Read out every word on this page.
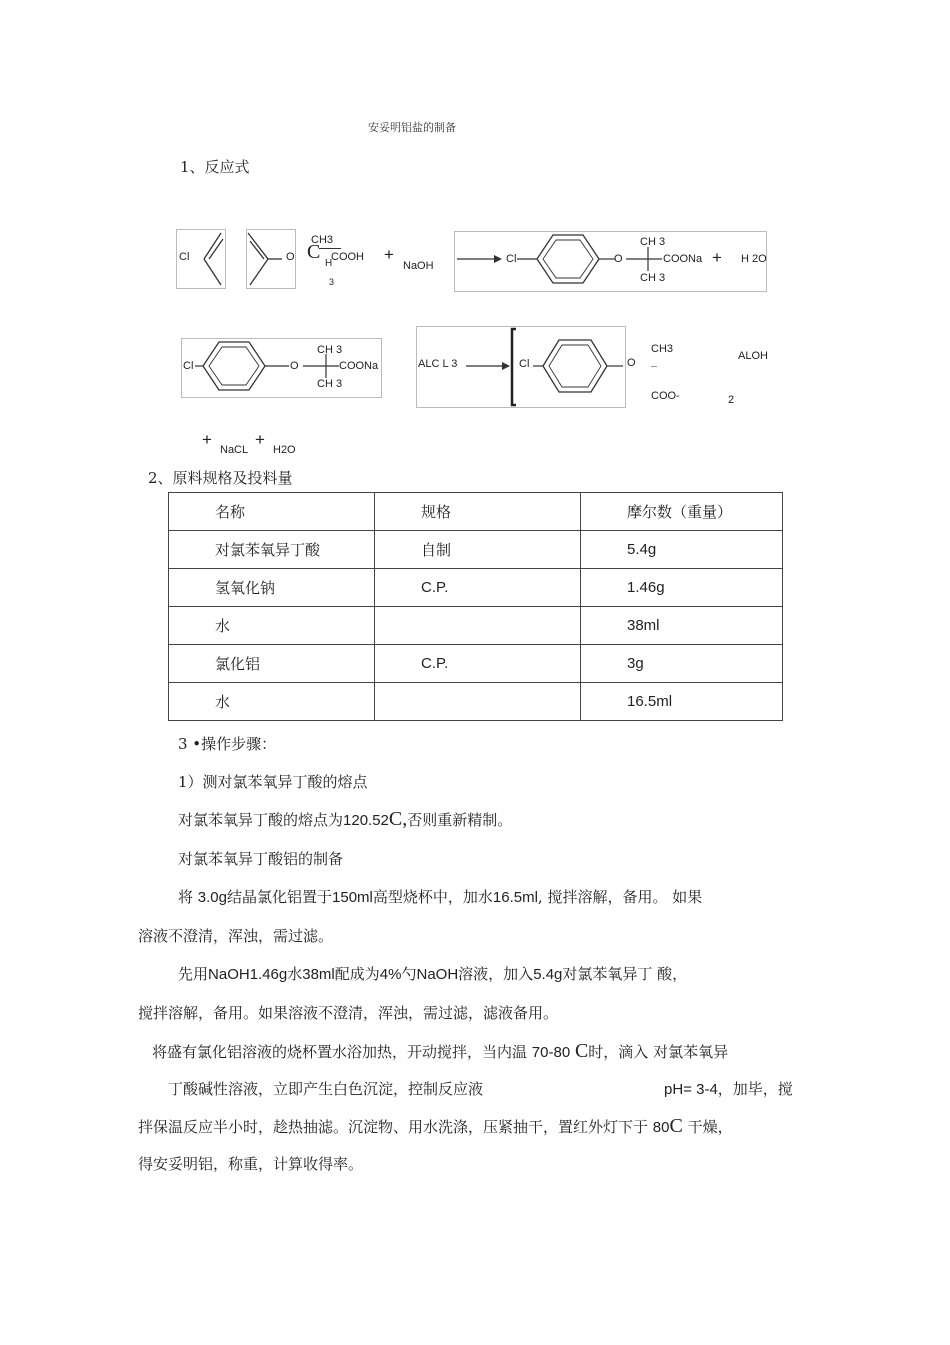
安妥明铝盐的制备
1、反应式
Cl	O
CH3
C
H
COOH
3
+
NaOH
Cl	O
CH 3
COONa
CH 3
+ H 2O
Cl	O
CH 3
COONa
CH 3
ALC L 3	Cl	O
CH3
COO-
ALOH
2
+
NaCL
+
H2O
2、原料规格及投料量
名称	规格	摩尔数（重量）
对氯苯氧异丁酸	自制	5.4g
氢氧化钠	C.P.	1.46g
水		38ml
氯化铝	C.P.	3g
水		16.5ml
3 •操作步骤：
1）测对氯苯氧异丁酸的熔点
对氯苯氧异丁酸的熔点为120.52C,否则重新精制。
对氯苯氧异丁酸铝的制备
将 3.0g结晶氯化铝置于150ml高型烧杯中，加水16.5ml, 搅拌溶解，备用。 如果
溶液不澄清，浑浊，需过滤。
先用NaOH1.46g水38ml配成为4%勺NaOH溶液，加入5.4g对氯苯氧异丁 酸，
搅拌溶解，备用。如果溶液不澄清，浑浊，需过滤，滤液备用。
将盛有氯化铝溶液的烧杯置水浴加热，开动搅拌，当内温 70-80 C时，滴入 对氯苯氧异
丁酸碱性溶液，立即产生白色沉淀，控制反应液	pH= 3-4，加毕，搅
拌保温反应半小时，趁热抽滤。沉淀物、用水洗涤，压紧抽干，置红外灯下于 80C 干燥，
得安妥明铝，称重，计算收得率。
